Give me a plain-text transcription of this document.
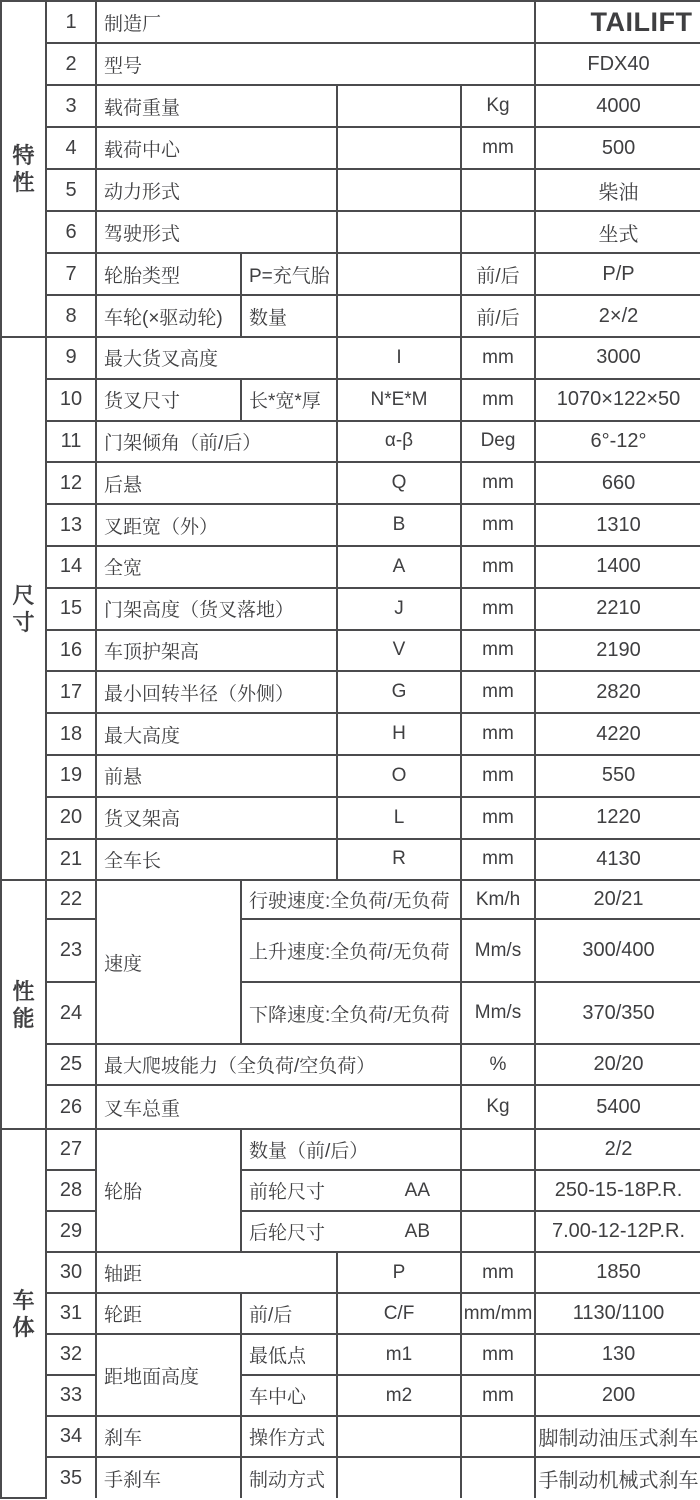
特性	1	制造厂				TAILIFT
	2	型号				FDX40
	3	载荷重量			Kg	4000
	4	载荷中心			mm	500
	5	动力形式				柴油
	6	驾驶形式				坐式
	7	轮胎类型	P=充气胎		前/后	P/P
	8	车轮(×驱动轮)	数量		前/后	2×/2

尺寸	9	最大货叉高度		I	mm	3000
	10	货叉尺寸	长*宽*厚	N*E*M	mm	1070×122×50
	11	门架倾角（前/后）		α-β	Deg	6°-12°
	12	后悬		Q	mm	660
	13	叉距宽（外）		B	mm	1310
	14	全宽		A	mm	1400
	15	门架高度（货叉落地）		J	mm	2210
	16	车顶护架高		V	mm	2190
	17	最小回转半径（外侧）		G	mm	2820
	18	最大高度		H	mm	4220
	19	前悬		O	mm	550
	20	货叉架高		L	mm	1220
	21	全车长		R	mm	4130

性能	22	速度	行驶速度:全负荷/无负荷		Km/h	20/21
	23		上升速度:全负荷/无负荷		Mm/s	300/400
	24		下降速度:全负荷/无负荷		Mm/s	370/350
	25	最大爬坡能力（全负荷/空负荷）			%	20/20
	26	叉车总重			Kg	5400

车体	27	轮胎	数量（前/后）			2/2
	28		前轮尺寸 AA			250-15-18P.R.
	29		后轮尺寸 AB			7.00-12-12P.R.
	30	轴距		P	mm	1850
	31	轮距	前/后	C/F	mm/mm	1130/1100
	32	距地面高度	最低点	m1	mm	130
	33		车中心	m2	mm	200
	34	刹车	操作方式			脚制动油压式刹车
	35	手刹车	制动方式			手制动机械式刹车
